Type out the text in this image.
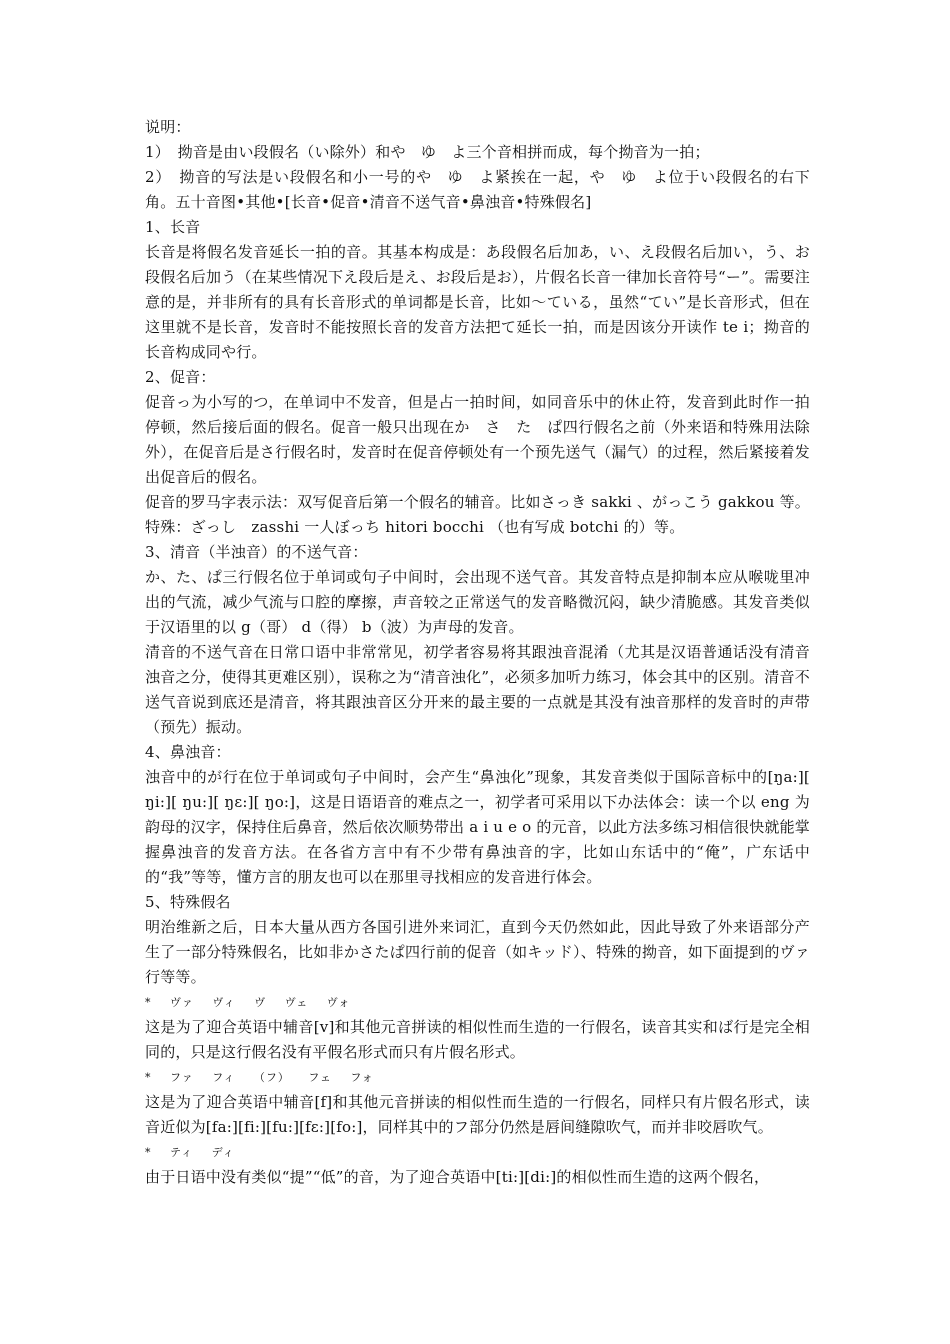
说明：

1）　拗音是由い段假名（い除外）和や　ゆ　よ三个音相拼而成，每个拗音为一拍；

2）　拗音的写法是い段假名和小一号的や　ゆ　よ紧挨在一起，や　ゆ　よ位于い段假名的右下角。五十音图•其他•[长音•促音•清音不送气音•鼻浊音•特殊假名]

1、长音

长音是将假名发音延长一拍的音。其基本构成是：あ段假名后加あ，い、え段假名后加い，う、お段假名后加う（在某些情况下え段后是え、お段后是お），片假名长音一律加长音符号“ー”。需要注意的是，并非所有的具有长音形式的单词都是长音，比如～ている，虽然“てい”是长音形式，但在这里就不是长音，发音时不能按照长音的发音方法把て延长一拍，而是因该分开读作 te i；拗音的长音构成同や行。

2、促音：

促音っ为小写的つ，在单词中不发音，但是占一拍时间，如同音乐中的休止符，发音到此时作一拍停顿，然后接后面的假名。促音一般只出现在か　さ　た　ぱ四行假名之前（外来语和特殊用法除外），在促音后是さ行假名时，发音时在促音停顿处有一个预先送气（漏气）的过程，然后紧接着发出促音后的假名。

促音的罗马字表示法：双写促音后第一个假名的辅音。比如さっき sakki 、がっこう gakkou 等。特殊：ざっし　zasshi 一人ぼっち hitori bocchi （也有写成 botchi 的）等。

3、清音（半浊音）的不送气音：

か、た、ぱ三行假名位于单词或句子中间时，会出现不送气音。其发音特点是抑制本应从喉咙里冲出的气流，减少气流与口腔的摩擦，声音较之正常送气的发音略微沉闷，缺少清脆感。其发音类似于汉语里的以 g（哥） d（得） b（波）为声母的发音。

清音的不送气音在日常口语中非常常见，初学者容易将其跟浊音混淆（尤其是汉语普通话没有清音浊音之分，使得其更难区别），误称之为“清音浊化”，必须多加听力练习，体会其中的区别。清音不送气音说到底还是清音，将其跟浊音区分开来的最主要的一点就是其没有浊音那样的发音时的声带（预先）振动。

4、鼻浊音：

浊音中的が行在位于单词或句子中间时，会产生“鼻浊化”现象，其发音类似于国际音标中的[ŋa:][ ŋi:][ ŋu:][ ŋɛ:][ ŋo:]，这是日语语音的难点之一，初学者可采用以下办法体会：读一个以 eng 为韵母的汉字，保持住后鼻音，然后依次顺势带出 a i u e o 的元音，以此方法多练习相信很快就能掌握鼻浊音的发音方法。在各省方言中有不少带有鼻浊音的字，比如山东话中的“俺”，广东话中的“我”等等，懂方言的朋友也可以在那里寻找相应的发音进行体会。

5、特殊假名

明治维新之后，日本大量从西方各国引进外来词汇，直到今天仍然如此，因此导致了外来语部分产生了一部分特殊假名，比如非かさたぱ四行前的促音（如キッド）、特殊的拗音，如下面提到的ヴァ行等等。

* ヴァ ヴィ ヴ ヴェ ヴォ

这是为了迎合英语中辅音[v]和其他元音拼读的相似性而生造的一行假名，读音其实和ば行是完全相同的，只是这行假名没有平假名形式而只有片假名形式。

* ファ フィ （フ） フェ フォ

这是为了迎合英语中辅音[f]和其他元音拼读的相似性而生造的一行假名，同样只有片假名形式，读音近似为[fa:][fi:][fu:][fɛ:][fo:]，同样其中的フ部分仍然是唇间缝隙吹气，而并非咬唇吹气。

* ティ ディ

由于日语中没有类似“提”“低”的音，为了迎合英语中[ti:][di:]的相似性而生造的这两个假名，
